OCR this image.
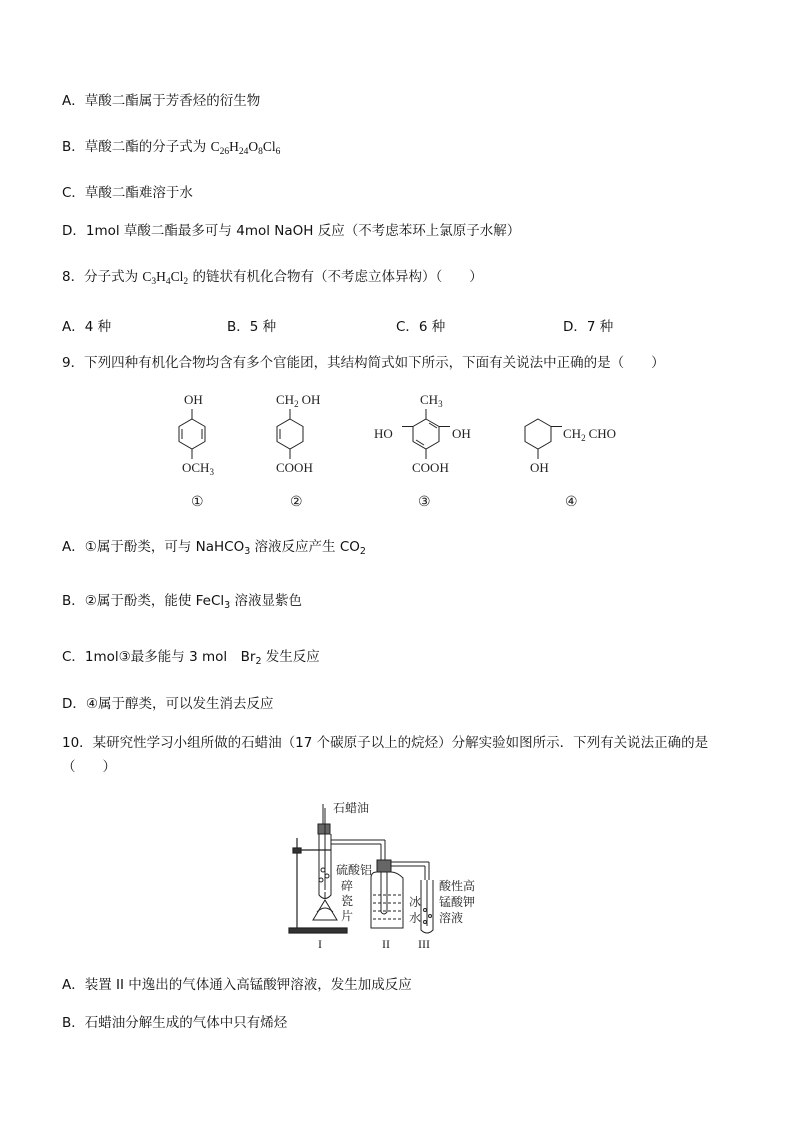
A．草酸二酯属于芳香烃的衍生物
B．草酸二酯的分子式为 $C_{26}H_{24}O_8Cl_6$
C．草酸二酯难溶于水
D．1mol 草酸二酯最多可与 4mol NaOH 反应（不考虑苯环上氯原子水解）
8．分子式为 $C_3H_4Cl_2$ 的链状有机化合物有（不考虑立体异构）（　　）
A．4 种	B．5 种	C．6 种	D．7 种
9．下列四种有机化合物均含有多个官能团，其结构简式如下所示，下面有关说法中正确的是（　　）
OH
$OCH_3$
①
$CH_2$ OH
COOH
②
$CH_3$
HO	OH
COOH
③
$CH_2$ CHO
OH
④
A．①属于酚类，可与 NaHCO$_3$ 溶液反应产生 $CO_2$
B．②属于酚类，能使 FeCl$_3$ 溶液显紫色
C．1mol③最多能与 3 mol　$Br_2$ 发生反应
D．④属于醇类，可以发生消去反应
10．某研究性学习小组所做的石蜡油（17 个碳原子以上的烷烃）分解实验如图所示．下列有关说法正确的是
（　　）
石蜡油
硫酸铝
碎
瓷
片
冰
水
酸性高
锰酸钾
溶液
I	II III
A．装置 II 中逸出的气体通入高锰酸钾溶液，发生加成反应
B．石蜡油分解生成的气体中只有烯烃
